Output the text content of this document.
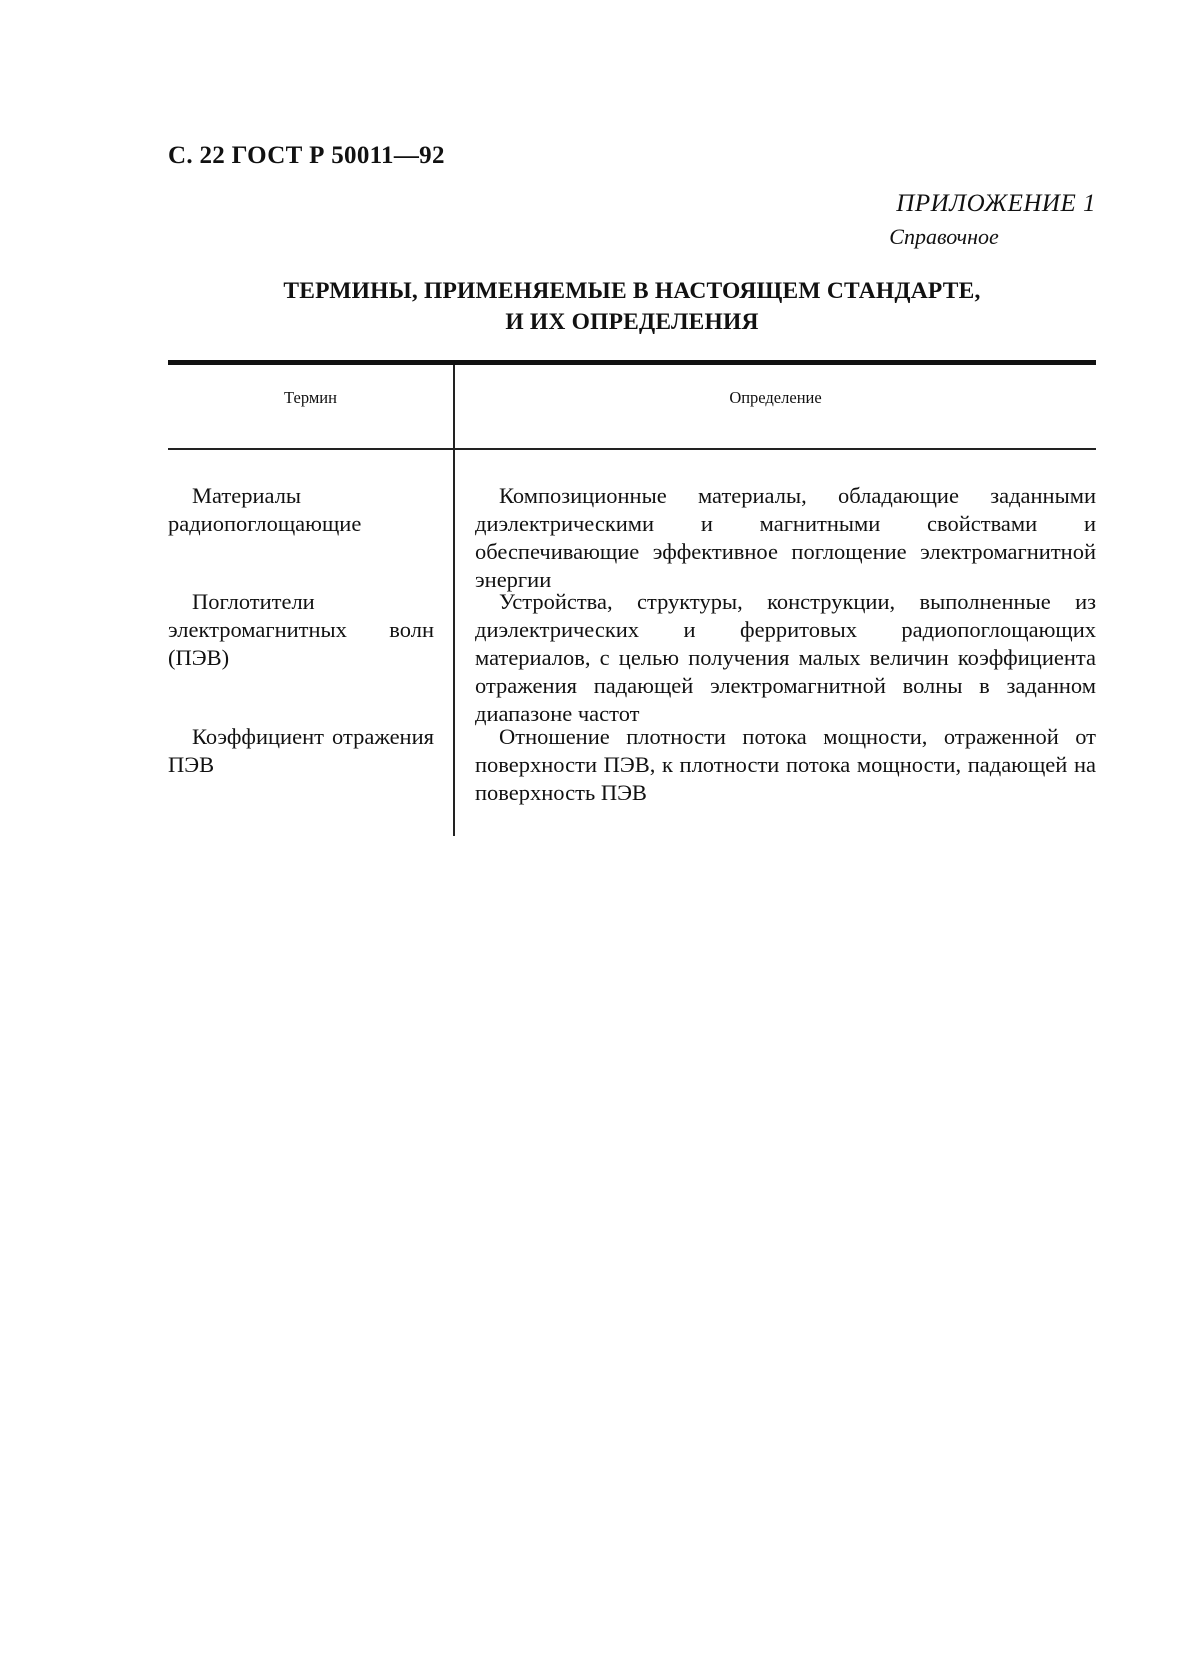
С. 22 ГОСТ Р 50011—92
ПРИЛОЖЕНИЕ 1
Справочное
ТЕРМИНЫ, ПРИМЕНЯЕМЫЕ В НАСТОЯЩЕМ СТАНДАРТЕ,
И ИХ ОПРЕДЕЛЕНИЯ
Термин	Определение

Материалы радиопоглощающие

Композиционные материалы, обладающие заданными диэлектрическими и магнитными свойствами и обеспечивающие эффективное поглощение электромагнитной энергии

Поглотители электромагнитных волн (ПЭВ)

Устройства, структуры, конструкции, выполненные из диэлектрических и ферритовых радиопоглощающих материалов, с целью получения малых величин коэффициента отражения падающей электромагнитной волны в заданном диапазоне частот

Коэффициент отражения ПЭВ

Отношение плотности потока мощности, отраженной от поверхности ПЭВ, к плотности потока мощности, падающей на поверхность ПЭВ
